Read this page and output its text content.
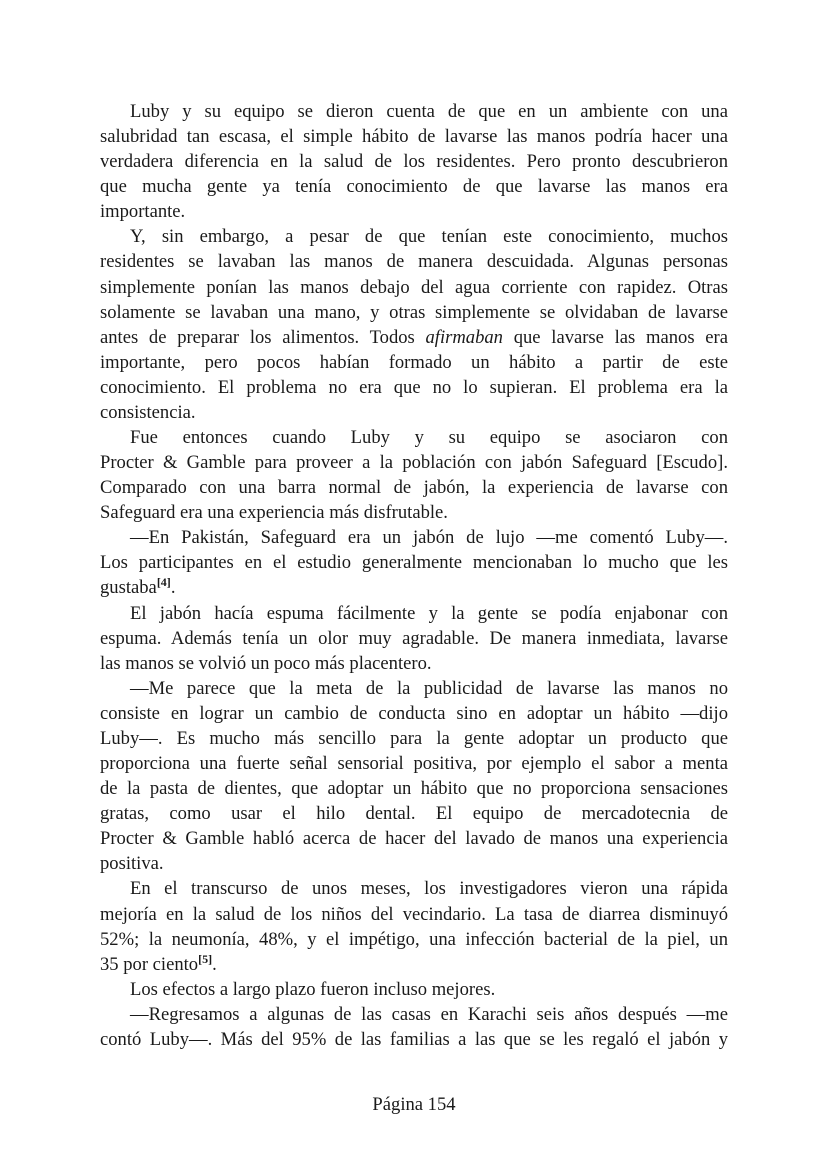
Luby y su equipo se dieron cuenta de que en un ambiente con una
salubridad tan escasa, el simple hábito de lavarse las manos podría hacer una
verdadera diferencia en la salud de los residentes. Pero pronto descubrieron
que mucha gente ya tenía conocimiento de que lavarse las manos era
importante.
Y, sin embargo, a pesar de que tenían este conocimiento, muchos
residentes se lavaban las manos de manera descuidada. Algunas personas
simplemente ponían las manos debajo del agua corriente con rapidez. Otras
solamente se lavaban una mano, y otras simplemente se olvidaban de lavarse
antes de preparar los alimentos. Todos afirmaban que lavarse las manos era
importante, pero pocos habían formado un hábito a partir de este
conocimiento. El problema no era que no lo supieran. El problema era la
consistencia.
Fue entonces cuando Luby y su equipo se asociaron con
Procter & Gamble para proveer a la población con jabón Safeguard [Escudo].
Comparado con una barra normal de jabón, la experiencia de lavarse con
Safeguard era una experiencia más disfrutable.
—En Pakistán, Safeguard era un jabón de lujo —me comentó Luby—.
Los participantes en el estudio generalmente mencionaban lo mucho que les
gustaba[4].
El jabón hacía espuma fácilmente y la gente se podía enjabonar con
espuma. Además tenía un olor muy agradable. De manera inmediata, lavarse
las manos se volvió un poco más placentero.
—Me parece que la meta de la publicidad de lavarse las manos no
consiste en lograr un cambio de conducta sino en adoptar un hábito —dijo
Luby—. Es mucho más sencillo para la gente adoptar un producto que
proporciona una fuerte señal sensorial positiva, por ejemplo el sabor a menta
de la pasta de dientes, que adoptar un hábito que no proporciona sensaciones
gratas, como usar el hilo dental. El equipo de mercadotecnia de
Procter & Gamble habló acerca de hacer del lavado de manos una experiencia
positiva.
En el transcurso de unos meses, los investigadores vieron una rápida
mejoría en la salud de los niños del vecindario. La tasa de diarrea disminuyó
52%; la neumonía, 48%, y el impétigo, una infección bacterial de la piel, un
35 por ciento[5].
Los efectos a largo plazo fueron incluso mejores.
—Regresamos a algunas de las casas en Karachi seis años después —me
contó Luby—. Más del 95% de las familias a las que se les regaló el jabón y
Página 154
